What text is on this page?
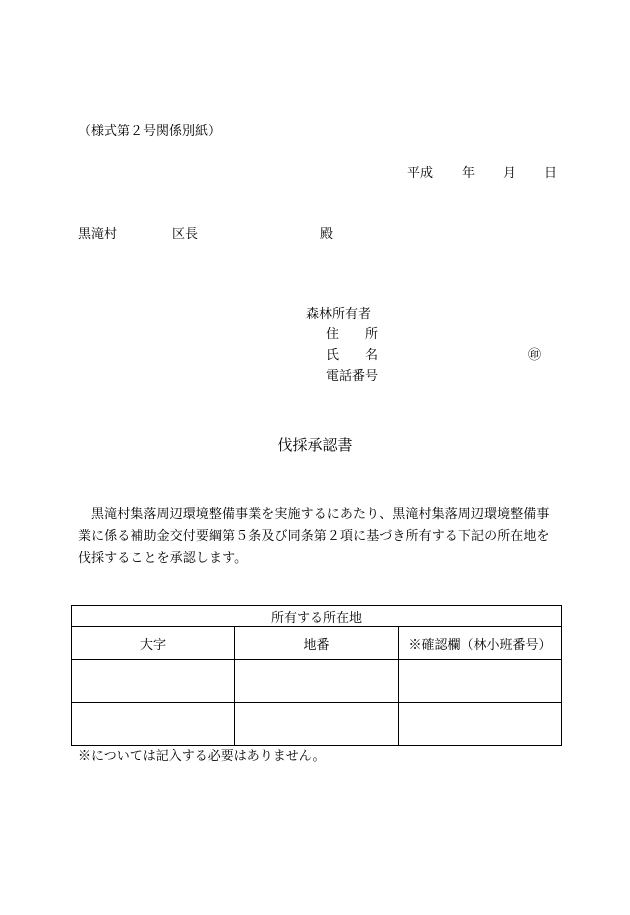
（様式第２号関係別紙）
平成 年 月 日
黒滝村	区長	殿
森林所有者
住　　所
氏　　名	㊞
電話番号
伐採承認書
黒滝村集落周辺環境整備事業を実施するにあたり、黒滝村集落周辺環境整備事業に係る補助金交付要綱第５条及び同条第２項に基づき所有する下記の所在地を伐採することを承認します。
所有する所在地		
大字	地番	※確認欄（林小班番号）

※については記入する必要はありません。
